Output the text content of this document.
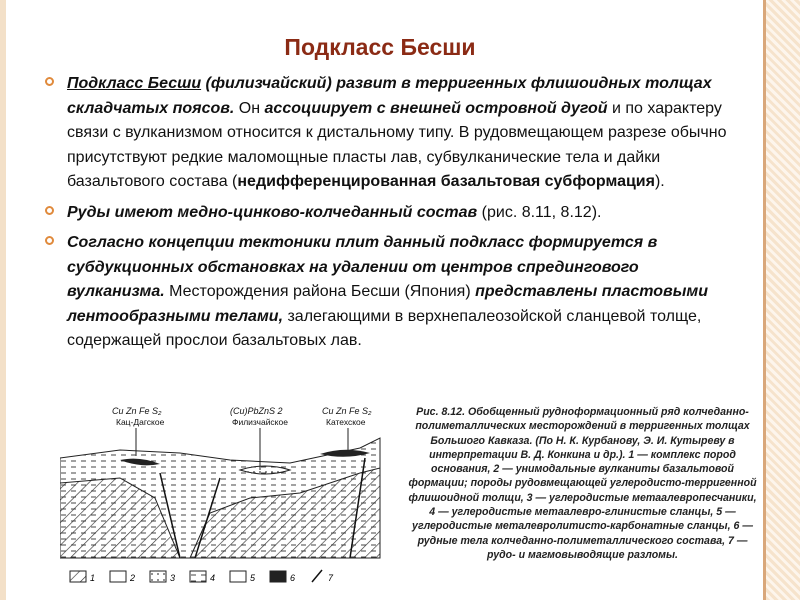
Подкласс Бесши
Подкласс Бесши (филизчайский) развит в терригенных флишоидных толщах складчатых поясов. Он ассоциирует с внешней островной дугой и по характеру связи с вулканизмом относится к дистальному типу. В рудовмещающем разрезе обычно присутствуют редкие маломощные пласты лав, субвулканические тела и дайки базальтового состава (недифференцированная базальтовая субформация).
Руды имеют медно-цинково-колчеданный состав (рис. 8.11, 8.12).
Согласно концепции тектоники плит данный подкласс формируется в субдукционных обстановках на удалении от центров спредингового вулканизма. Месторождения района Бесши (Япония) представлены пластовыми лентообразными телами, залегающими в верхнепалеозойской сланцевой толще, содержащей прослои базальтовых лав.
Cu Zn Fe S₂
Кац-Дагское
(Cu)PbZnS 2
Филизчайское
Cu Zn Fe S₂
Катехское
1	2	3	4	5	6	7
Рис. 8.12. Обобщенный рудноформационный ряд колчеданно-полиметаллических месторождений в терригенных толщах Большого Кавказа. (По Н. К. Курбанову, Э. И. Кутыреву в интерпретации В. Д. Конкина и др.). 1 — комплекс пород основания, 2 — унимодальные вулканиты базальтовой формации; породы рудовмещающей углеродисто-терригенной флишоидной толщи, 3 — углеродистые метаалевропесчаники, 4 — углеродистые метаалеврo-глинистые сланцы, 5 — углеродистые металевролитисто-карбонатные сланцы, 6 — рудные тела колчеданно-полиметаллического состава, 7 — рудо- и магмовыводящие разломы.
